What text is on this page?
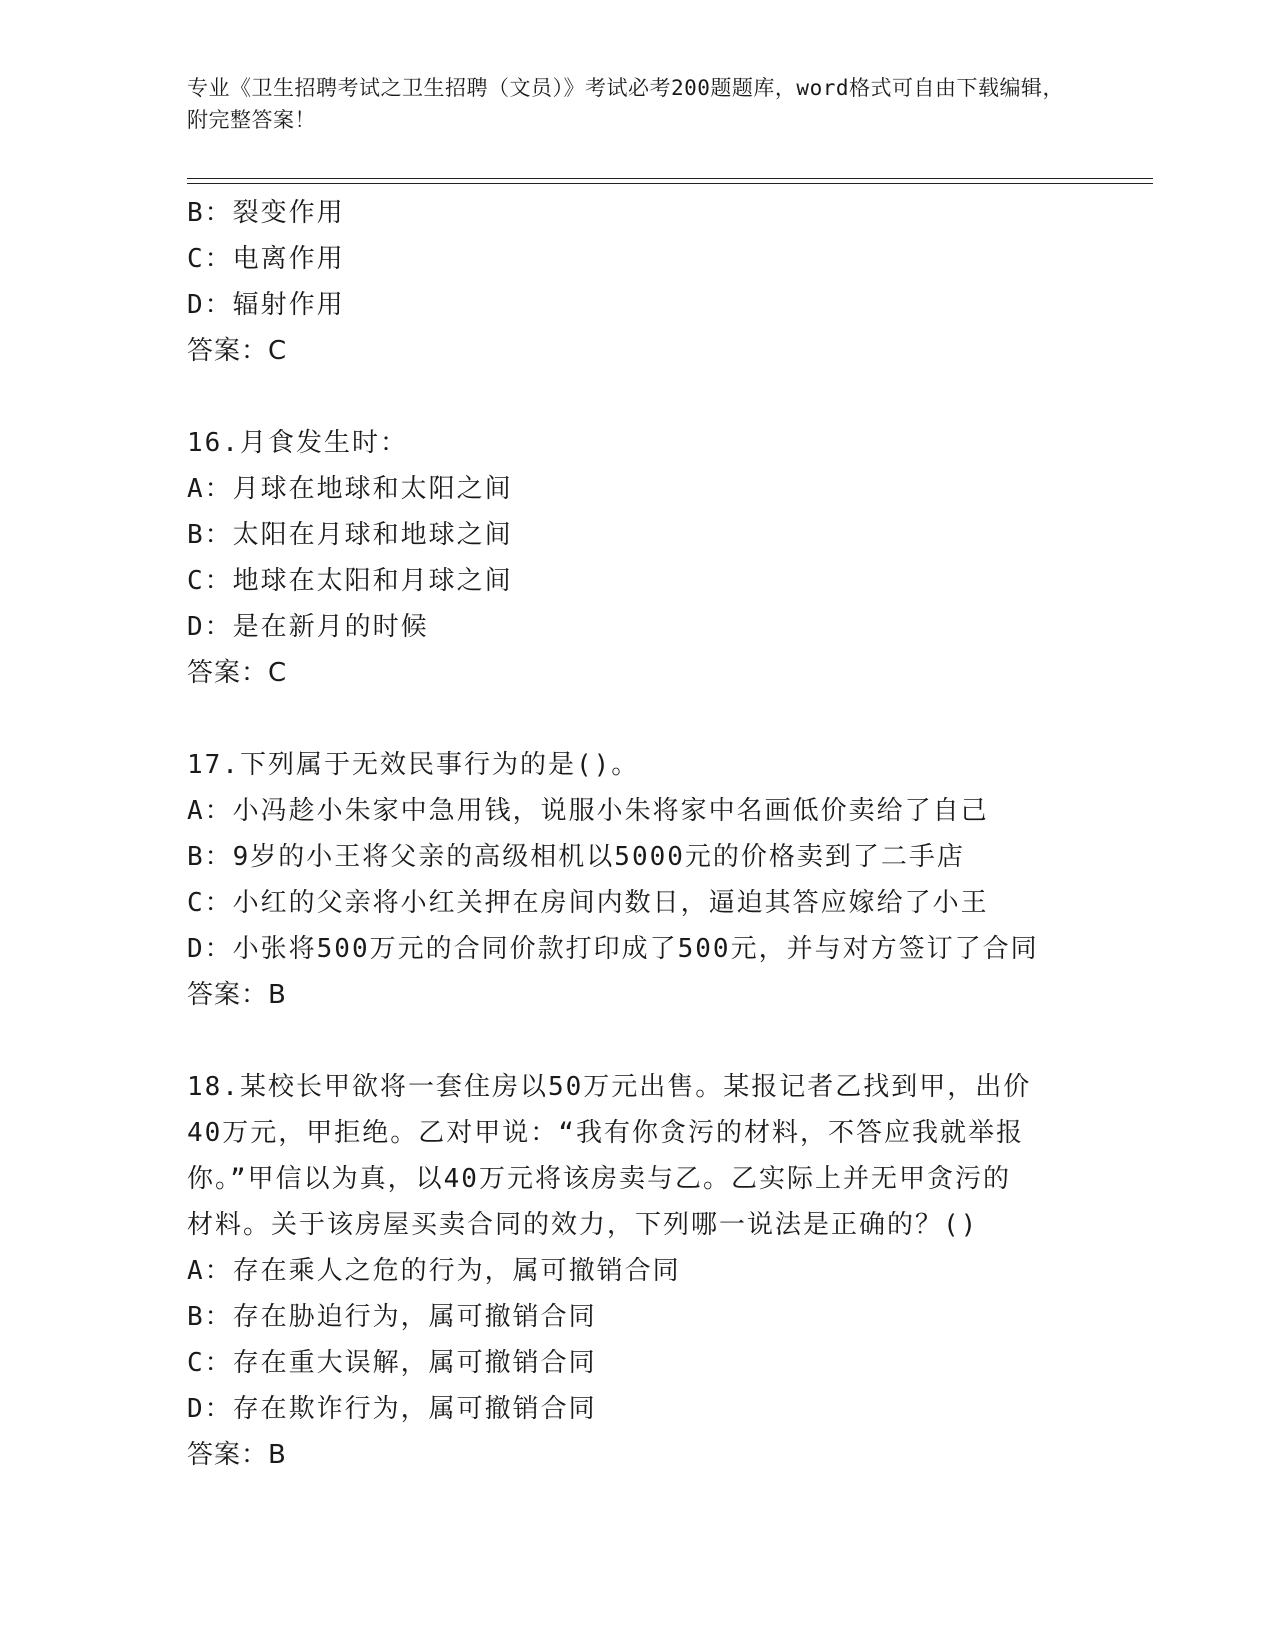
专业《卫生招聘考试之卫生招聘（文员）》考试必考200题题库，word格式可自由下载编辑，附完整答案！
B：裂变作用
C：电离作用
D：辐射作用
答案：C
16.月食发生时：
A：月球在地球和太阳之间
B：太阳在月球和地球之间
C：地球在太阳和月球之间
D：是在新月的时候
答案：C
17.下列属于无效民事行为的是()。
A：小冯趁小朱家中急用钱，说服小朱将家中名画低价卖给了自己
B：9岁的小王将父亲的高级相机以5000元的价格卖到了二手店
C：小红的父亲将小红关押在房间内数日，逼迫其答应嫁给了小王
D：小张将500万元的合同价款打印成了500元，并与对方签订了合同
答案：B
18.某校长甲欲将一套住房以50万元出售。某报记者乙找到甲，出价
40万元，甲拒绝。乙对甲说：“我有你贪污的材料，不答应我就举报
你。”甲信以为真，以40万元将该房卖与乙。乙实际上并无甲贪污的
材料。关于该房屋买卖合同的效力，下列哪一说法是正确的？()
A：存在乘人之危的行为，属可撤销合同
B：存在胁迫行为，属可撤销合同
C：存在重大误解，属可撤销合同
D：存在欺诈行为，属可撤销合同
答案：B
